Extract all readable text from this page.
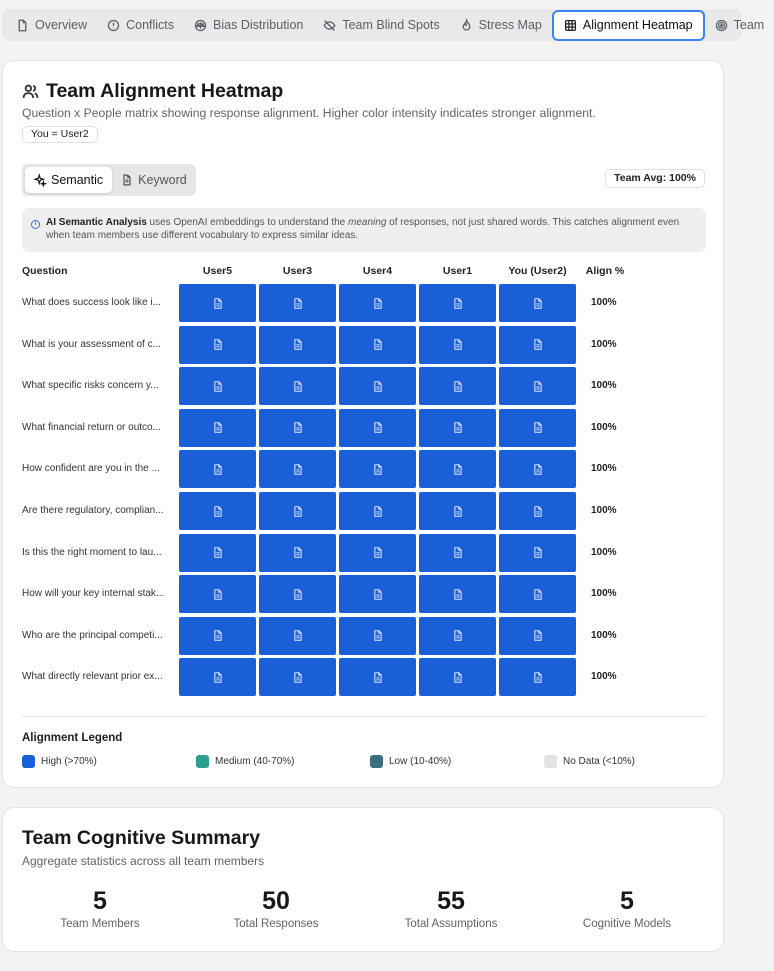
Overview	Conflicts	Bias Distribution	Team Blind Spots	Stress Map	Alignment Heatmap	Team
Team Alignment Heatmap
Question x People matrix showing response alignment. Higher color intensity indicates stronger alignment.
You = User2
Semantic	Keyword	Team Avg: 100%
i AI Semantic Analysis uses OpenAI embeddings to understand the meaning of responses, not just shared words. This catches alignment even when team members use different vocabulary to express similar ideas.
Question
Alignment Legend
User5	User3	User4	User1	You (User2)	Align %
What does success look like i...	100%
What is your assessment of c...	100%
What specific risks concern y...	100%
What financial return or outco...	100%
How confident are you in the ...	100%
Are there regulatory, complian...	100%
Is this the right moment to lau...	100%
How will your key internal stak...	100%
Who are the principal competi...	100%
What directly relevant prior ex...	100%
High (>70%)	Medium (40-70%)	Low (10-40%)	No Data (<10%)
Team Cognitive Summary
Aggregate statistics across all team members
5
Team Members
50
Total Responses
55
Total Assumptions
5
Cognitive Models
